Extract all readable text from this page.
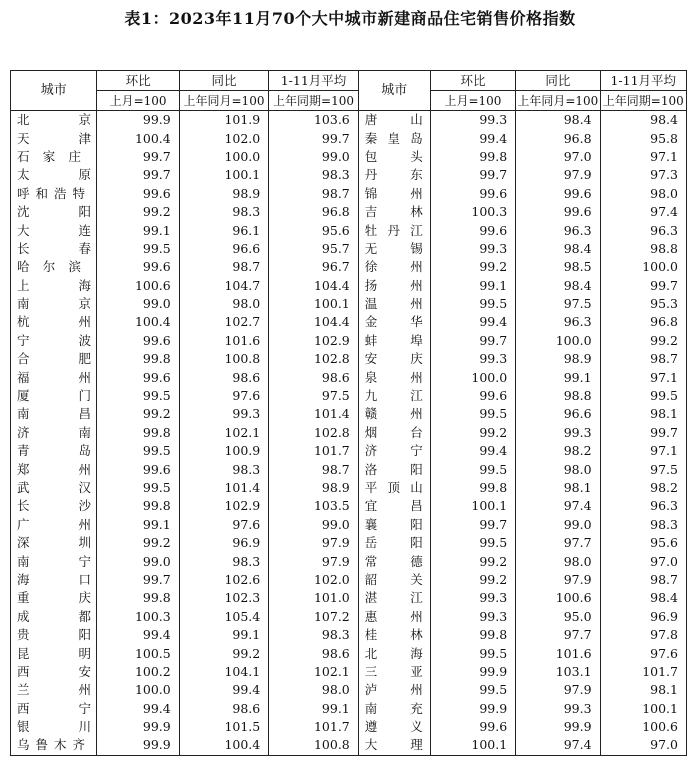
表1：2023年11月70个大中城市新建商品住宅销售价格指数
城市	环比	同比	1-11月平均	城市	环比	同比	1-11月平均
	上月=100	上年同月=100	上年同期=100		上月=100	上年同月=100	上年同期=100
北京	99.9	101.9	103.6	唐山	99.3	98.4	98.4
天津	100.4	102.0	99.7	秦皇岛	99.4	96.8	95.8
石家庄	99.7	100.0	99.0	包头	99.8	97.0	97.1
太原	99.7	100.1	98.3	丹东	99.7	97.9	97.3
呼和浩特	99.6	98.9	98.7	锦州	99.6	99.6	98.0
沈阳	99.2	98.3	96.8	吉林	100.3	99.6	97.4
大连	99.1	96.1	95.6	牡丹江	99.6	96.3	96.3
长春	99.5	96.6	95.7	无锡	99.3	98.4	98.8
哈尔滨	99.6	98.7	96.7	徐州	99.2	98.5	100.0
上海	100.6	104.7	104.4	扬州	99.1	98.4	99.7
南京	99.0	98.0	100.1	温州	99.5	97.5	95.3
杭州	100.4	102.7	104.4	金华	99.4	96.3	96.8
宁波	99.6	101.6	102.9	蚌埠	99.7	100.0	99.2
合肥	99.8	100.8	102.8	安庆	99.3	98.9	98.7
福州	99.6	98.6	98.6	泉州	100.0	99.1	97.1
厦门	99.5	97.6	97.5	九江	99.6	98.8	99.5
南昌	99.2	99.3	101.4	赣州	99.5	96.6	98.1
济南	99.8	102.1	102.8	烟台	99.2	99.3	99.7
青岛	99.5	100.9	101.7	济宁	99.4	98.2	97.1
郑州	99.6	98.3	98.7	洛阳	99.5	98.0	97.5
武汉	99.5	101.4	98.9	平顶山	99.8	98.1	98.2
长沙	99.8	102.9	103.5	宜昌	100.1	97.4	96.3
广州	99.1	97.6	99.0	襄阳	99.7	99.0	98.3
深圳	99.2	96.9	97.9	岳阳	99.5	97.7	95.6
南宁	99.0	98.3	97.9	常德	99.2	98.0	97.0
海口	99.7	102.6	102.0	韶关	99.2	97.9	98.7
重庆	99.8	102.3	101.0	湛江	99.3	100.6	98.4
成都	100.3	105.4	107.2	惠州	99.3	95.0	96.9
贵阳	99.4	99.1	98.3	桂林	99.8	97.7	97.8
昆明	100.5	99.2	98.6	北海	99.5	101.6	97.6
西安	100.2	104.1	102.1	三亚	99.9	103.1	101.7
兰州	100.0	99.4	98.0	泸州	99.5	97.9	98.1
西宁	99.4	98.6	99.1	南充	99.9	99.3	100.1
银川	99.9	101.5	101.7	遵义	99.6	99.9	100.6
乌鲁木齐	99.9	100.4	100.8	大理	100.1	97.4	97.0
